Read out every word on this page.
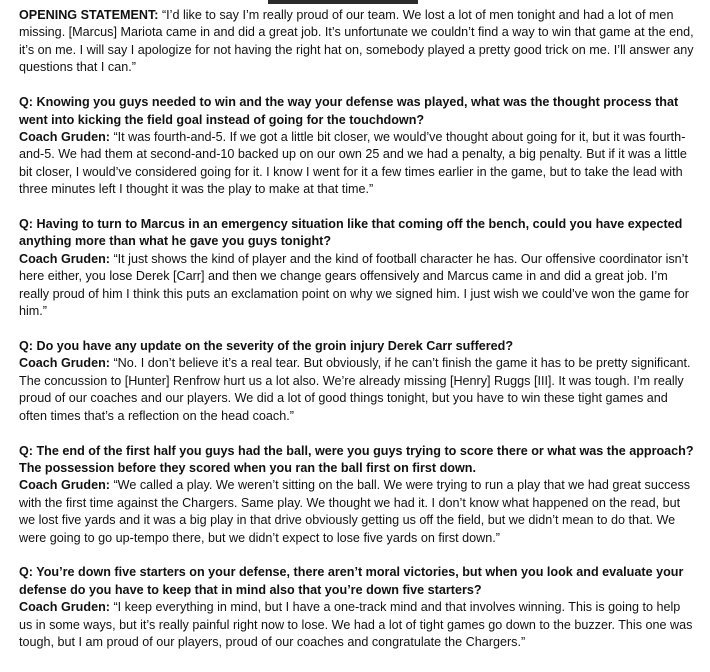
OPENING STATEMENT: “I’d like to say I’m really proud of our team. We lost a lot of men tonight and had a lot of men missing. [Marcus] Mariota came in and did a great job. It’s unfortunate we couldn’t find a way to win that game at the end, it’s on me. I will say I apologize for not having the right hat on, somebody played a pretty good trick on me. I’ll answer any questions that I can.”

Q: Knowing you guys needed to win and the way your defense was played, what was the thought process that went into kicking the field goal instead of going for the touchdown?

Coach Gruden: “It was fourth-and-5. If we got a little bit closer, we would’ve thought about going for it, but it was fourth-and-5. We had them at second-and-10 backed up on our own 25 and we had a penalty, a big penalty. But if it was a little bit closer, I would’ve considered going for it. I know I went for it a few times earlier in the game, but to take the lead with three minutes left I thought it was the play to make at that time.”

Q: Having to turn to Marcus in an emergency situation like that coming off the bench, could you have expected anything more than what he gave you guys tonight?

Coach Gruden: “It just shows the kind of player and the kind of football character he has. Our offensive coordinator isn’t here either, you lose Derek [Carr] and then we change gears offensively and Marcus came in and did a great job. I’m really proud of him I think this puts an exclamation point on why we signed him. I just wish we could’ve won the game for him.”

Q: Do you have any update on the severity of the groin injury Derek Carr suffered?

Coach Gruden: “No. I don’t believe it’s a real tear. But obviously, if he can’t finish the game it has to be pretty significant. The concussion to [Hunter] Renfrow hurt us a lot also. We’re already missing [Henry] Ruggs [III]. It was tough. I’m really proud of our coaches and our players. We did a lot of good things tonight, but you have to win these tight games and often times that’s a reflection on the head coach.”

Q: The end of the first half you guys had the ball, were you guys trying to score there or what was the approach? The possession before they scored when you ran the ball first on first down.

Coach Gruden: “We called a play. We weren’t sitting on the ball. We were trying to run a play that we had great success with the first time against the Chargers. Same play. We thought we had it. I don’t know what happened on the read, but we lost five yards and it was a big play in that drive obviously getting us off the field, but we didn’t mean to do that. We were going to go up-tempo there, but we didn’t expect to lose five yards on first down.”

Q: You’re down five starters on your defense, there aren’t moral victories, but when you look and evaluate your defense do you have to keep that in mind also that you’re down five starters?

Coach Gruden: “I keep everything in mind, but I have a one-track mind and that involves winning. This is going to help us in some ways, but it’s really painful right now to lose. We had a lot of tight games go down to the buzzer. This one was tough, but I am proud of our players, proud of our coaches and congratulate the Chargers.”
